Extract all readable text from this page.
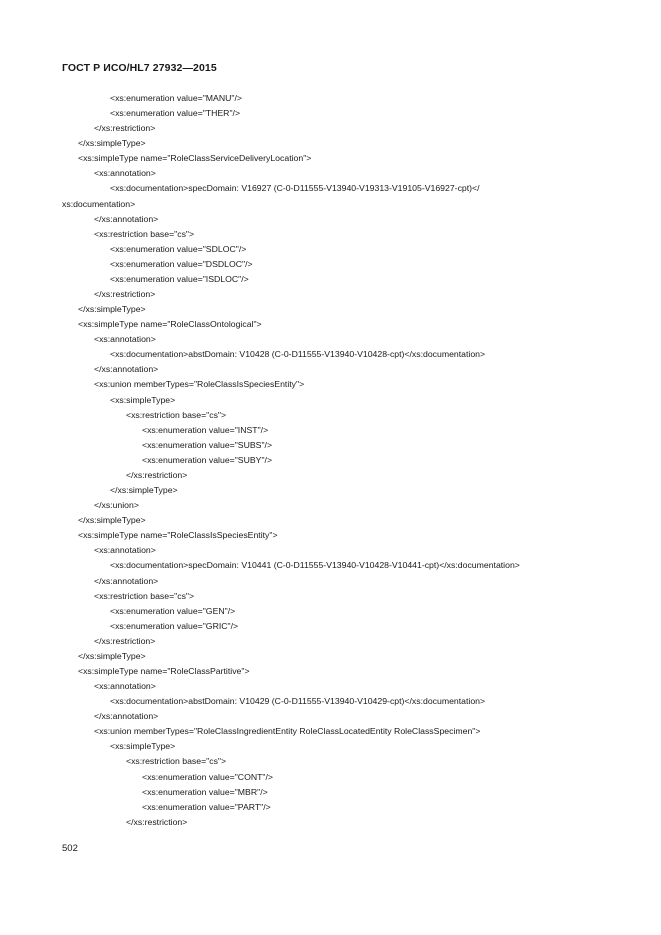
ГОСТ Р ИСО/HL7 27932—2015
<xs:enumeration value="MANU"/>
<xs:enumeration value="THER"/>
</xs:restriction>
</xs:simpleType>
<xs:simpleType name="RoleClassServiceDeliveryLocation">
<xs:annotation>
<xs:documentation>specDomain: V16927 (C-0-D11555-V13940-V19313-V19105-V16927-cpt)</
xs:documentation>
</xs:annotation>
<xs:restriction base="cs">
<xs:enumeration value="SDLOC"/>
<xs:enumeration value="DSDLOC"/>
<xs:enumeration value="ISDLOC"/>
</xs:restriction>
</xs:simpleType>
<xs:simpleType name="RoleClassOntological">
<xs:annotation>
<xs:documentation>abstDomain: V10428 (C-0-D11555-V13940-V10428-cpt)</xs:documentation>
</xs:annotation>
<xs:union memberTypes="RoleClassIsSpeciesEntity">
<xs:simpleType>
<xs:restriction base="cs">
<xs:enumeration value="INST"/>
<xs:enumeration value="SUBS"/>
<xs:enumeration value="SUBY"/>
</xs:restriction>
</xs:simpleType>
</xs:union>
</xs:simpleType>
<xs:simpleType name="RoleClassIsSpeciesEntity">
<xs:annotation>
<xs:documentation>specDomain: V10441 (C-0-D11555-V13940-V10428-V10441-cpt)</xs:documentation>
</xs:annotation>
<xs:restriction base="cs">
<xs:enumeration value="GEN"/>
<xs:enumeration value="GRIC"/>
</xs:restriction>
</xs:simpleType>
<xs:simpleType name="RoleClassPartitive">
<xs:annotation>
<xs:documentation>abstDomain: V10429 (C-0-D11555-V13940-V10429-cpt)</xs:documentation>
</xs:annotation>
<xs:union memberTypes="RoleClassIngredientEntity RoleClassLocatedEntity RoleClassSpecimen">
<xs:simpleType>
<xs:restriction base="cs">
<xs:enumeration value="CONT"/>
<xs:enumeration value="MBR"/>
<xs:enumeration value="PART"/>
</xs:restriction>
502
